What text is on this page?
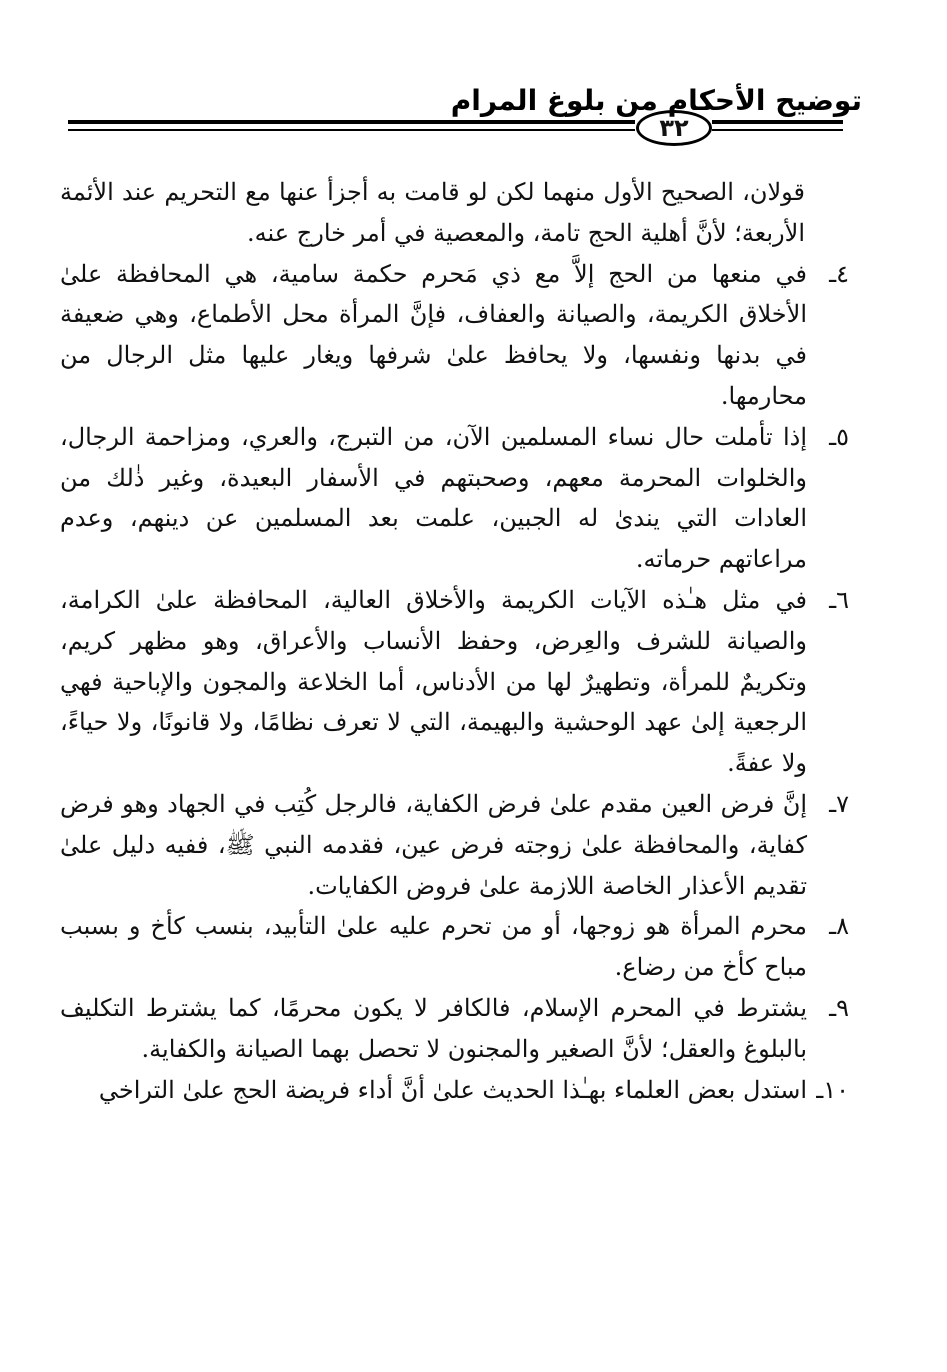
توضيح الأحكام من بلوغ المرام
٣٢

قولان، الصحيح الأول منهما لكن لو قامت به أجزأ عنها مع التحريم عند الأئمة الأربعة؛ لأنَّ أهلية الحج تامة، والمعصية في أمر خارج عنه.

٤ـ
في منعها من الحج إلاَّ مع ذي مَحرم حكمة سامية، هي المحافظة علىٰ الأخلاق الكريمة، والصيانة والعفاف، فإنَّ المرأة محل الأطماع، وهي ضعيفة في بدنها ونفسها، ولا يحافظ علىٰ شرفها ويغار عليها مثل الرجال من محارمها.
٥ـ
إذا تأملت حال نساء المسلمين الآن، من التبرج، والعري، ومزاحمة الرجال، والخلوات المحرمة معهم، وصحبتهم في الأسفار البعيدة، وغير ذٰلك من العادات التي يندىٰ له الجبين، علمت بعد المسلمين عن دينهم، وعدم مراعاتهم حرماته.
٦ـ
في مثل هـٰذه الآيات الكريمة والأخلاق العالية، المحافظة علىٰ الكرامة، والصيانة للشرف والعِرض، وحفظ الأنساب والأعراق، وهو مظهر كريم، وتكريمٌ للمرأة، وتطهيرٌ لها من الأدناس، أما الخلاعة والمجون والإباحية فهي الرجعية إلىٰ عهد الوحشية والبهيمة، التي لا تعرف نظامًا، ولا قانونًا، ولا حياءً، ولا عفةً.
٧ـ
إنَّ فرض العين مقدم علىٰ فرض الكفاية، فالرجل كُتِب في الجهاد وهو فرض كفاية، والمحافظة علىٰ زوجته فرض عين، فقدمه النبي ﷺ، ففيه دليل علىٰ تقديم الأعذار الخاصة اللازمة علىٰ فروض الكفايات.
٨ـ
محرم المرأة هو زوجها، أو من تحرم عليه علىٰ التأبيد، بنسب كأخ و بسبب مباح كأخ من رضاع.
٩ـ
يشترط في المحرم الإسلام، فالكافر لا يكون محرمًا، كما يشترط التكليف بالبلوغ والعقل؛ لأنَّ الصغير والمجنون لا تحصل بهما الصيانة والكفاية.
١٠ـ
استدل بعض العلماء بهـٰذا الحديث علىٰ أنَّ أداء فريضة الحج علىٰ التراخي
